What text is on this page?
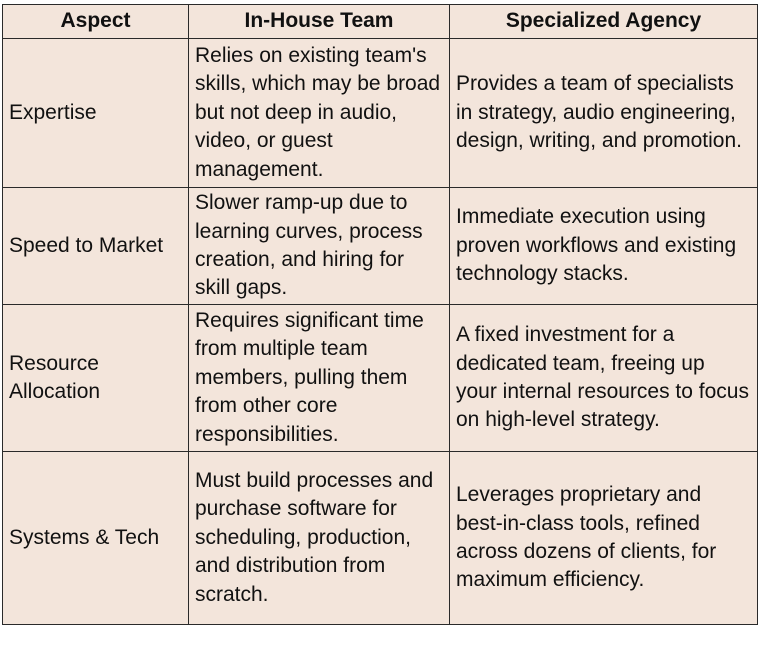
Aspect	In-House Team	Specialized Agency
Expertise	Relies on existing team's skills, which may be broad but not deep in audio, video, or guest management.	Provides a team of specialists in strategy, audio engineering, design, writing, and promotion.
Speed to Market	Slower ramp-up due to learning curves, process creation, and hiring for skill gaps.	Immediate execution using proven workflows and existing technology stacks.
Resource Allocation	Requires significant time from multiple team members, pulling them from other core responsibilities.	A fixed investment for a dedicated team, freeing up your internal resources to focus on high-level strategy.
Systems & Tech	Must build processes and purchase software for scheduling, production, and distribution from scratch.	Leverages proprietary and best-in-class tools, refined across dozens of clients, for maximum efficiency.
